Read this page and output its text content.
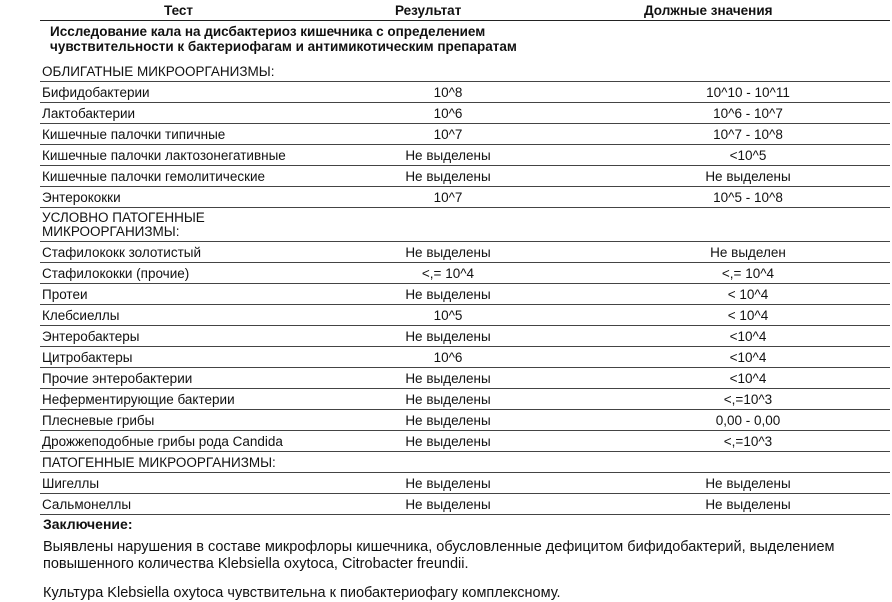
Тест	Результат	Должные значения
Исследование кала на дисбактериоз кишечника с определением чувствительности к бактериофагам и антимикотическим препаратам
ОБЛИГАТНЫЕ МИКРООРГАНИЗМЫ:
Бифидобактерии	10^8	10^10 - 10^11
Лактобактерии	10^6	10^6 - 10^7
Кишечные палочки типичные	10^7	10^7 - 10^8
Кишечные палочки лактозонегативные	Не выделены	<10^5
Кишечные палочки гемолитические	Не выделены	Не выделены
Энтерококки	10^7	10^5 - 10^8
УСЛОВНО ПАТОГЕННЫЕ МИКРООРГАНИЗМЫ:
Стафилококк золотистый	Не выделены	Не выделен
Стафилококки (прочие)	<,= 10^4	<,= 10^4
Протеи	Не выделены	< 10^4
Клебсиеллы	10^5	< 10^4
Энтеробактеры	Не выделены	<10^4
Цитробактеры	10^6	<10^4
Прочие энтеробактерии	Не выделены	<10^4
Неферментирующие бактерии	Не выделены	<,=10^3
Плесневые грибы	Не выделены	0,00 - 0,00
Дрожжеподобные грибы рода Candida	Не выделены	<,=10^3
ПАТОГЕННЫЕ МИКРООРГАНИЗМЫ:
Шигеллы	Не выделены	Не выделены
Сальмонеллы	Не выделены	Не выделены
Заключение:
Выявлены нарушения в составе микрофлоры кишечника, обусловленные дефицитом бифидобактерий, выделением повышенного количества Klebsiella oxytoca, Citrobacter freundii.
Культура Klebsiella oxytoca чувствительна к пиобактериофагу комплексному.
